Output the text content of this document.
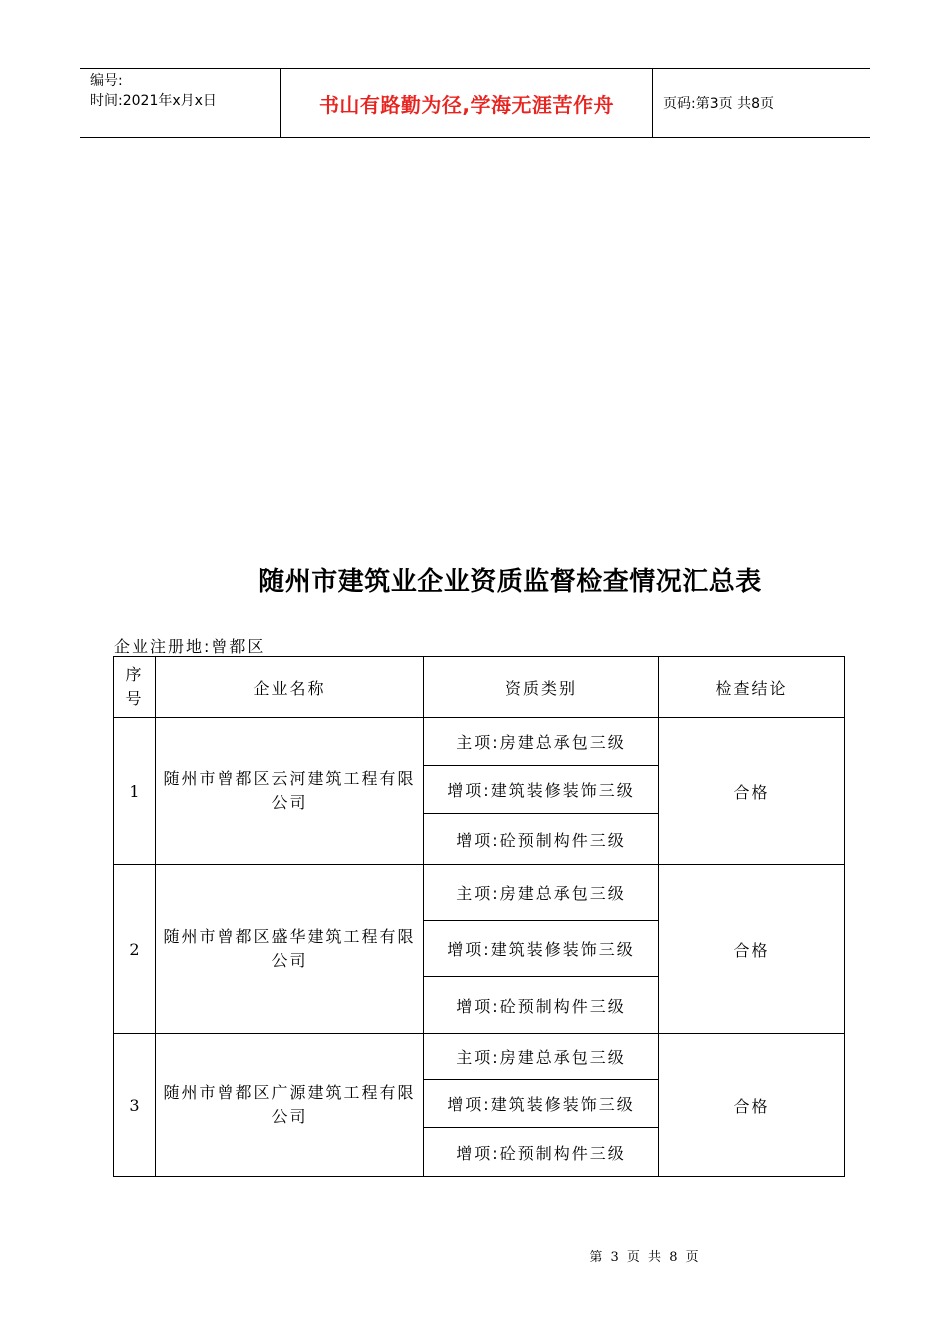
编号:
时间:2021年x月x日	书山有路勤为径,学海无涯苦作舟	页码:第3页 共8页
随州市建筑业企业资质监督检查情况汇总表
企业注册地:曾都区
序
号	企业名称	资质类别	检查结论
1	随州市曾都区云河建筑工程有限公司	主项:房建总承包三级	合格
		增项:建筑装修装饰三级	
		增项:砼预制构件三级	
2	随州市曾都区盛华建筑工程有限公司	主项:房建总承包三级	合格
		增项:建筑装修装饰三级	
		增项:砼预制构件三级	
3	随州市曾都区广源建筑工程有限公司	主项:房建总承包三级	合格
		增项:建筑装修装饰三级	
		增项:砼预制构件三级	
第 3 页 共 8 页
